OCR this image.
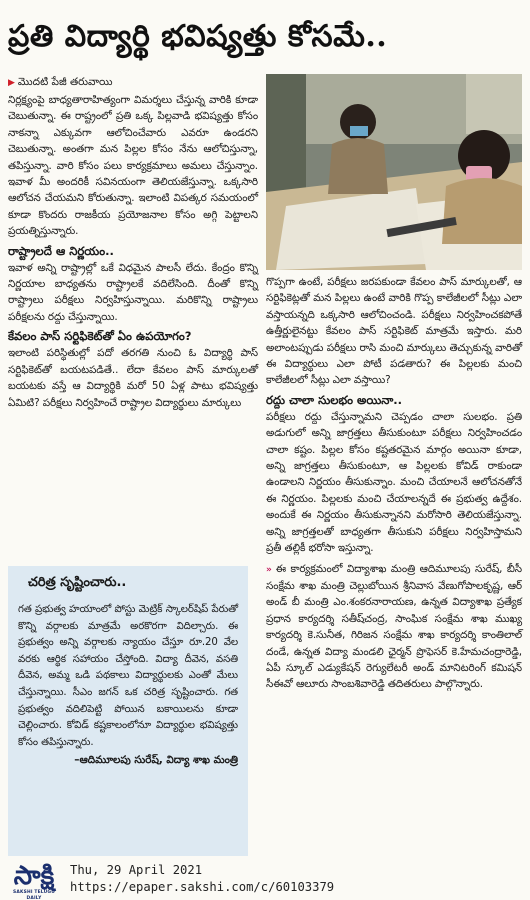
ప్రతి విద్యార్థి భవిష్యత్తు కోసమే..
▶ మొదటి పేజీ తరువాయి

నిర్లక్ష్యంపై బాధ్యతారాహిత్యంగా విమర్శలు చేస్తున్న వారికి కూడా చెబుతున్నా. ఈ రాష్ట్రంలో ప్రతి ఒక్క పిల్లవాడి భవిష్యత్తు కోసం నాకన్నా ఎక్కువగా ఆలోచించేవారు ఎవరూ ఉండరని చెబుతున్నా. అంతగా మన పిల్లల కోసం నేను ఆలోచిస్తున్నా, తపిస్తున్నా. వారి కోసం పలు కార్యక్రమాలు అమలు చేస్తున్నాం. ఇవాళ మీ అందరికీ సవినయంగా తెలియజేస్తున్నా. ఒక్కసారి ఆలోచన చేయమని కోరుతున్నా. ఇలాంటి విపత్కర సమయంలో కూడా కొందరు రాజకీయ ప్రయోజనాల కోసం అగ్గి పెట్టాలని ప్రయత్నిస్తున్నారు.

రాష్ట్రాలదే ఆ నిర్ణయం..

ఇవాళ అన్ని రాష్ట్రాల్లో ఒకే విధమైన పాలసీ లేదు. కేంద్రం కొన్ని నిర్ణయాల బాధ్యతను రాష్ట్రాలకే వదిలేసింది. దీంతో కొన్ని రాష్ట్రాలు పరీక్షలు నిర్వహిస్తున్నాయి. మరికొన్ని రాష్ట్రాలు పరీక్షలను రద్దు చేస్తున్నాయి.

కేవలం పాస్ సర్టిఫికెట్‌తో ఏం ఉపయోగం?

ఇలాంటి పరిస్థితుల్లో పదో తరగతి నుంచి ఓ విద్యార్థి పాస్ సర్టిఫికెట్‌తో బయటపడితే.. లేదా కేవలం పాస్ మార్కులతో బయటకు వస్తే ఆ విద్యార్థికి మరో 50 ఏళ్ల పాటు భవిష్యత్తు ఏమిటి? పరీక్షలు నిర్వహించే రాష్ట్రాల విద్యార్థులు మార్కులు

చరిత్ర సృష్టించారు..

గత ప్రభుత్వ హయాంలో పోస్టు మెట్రిక్ స్కాలర్‌షిప్ పేరుతో కొన్ని వర్గాలకు మాత్రమే అరకొరగా విదిల్చారు. ఈ ప్రభుత్వం అన్ని వర్గాలకు న్యాయం చేస్తూ రూ.20 వేల వరకు ఆర్థిక సహాయం చేస్తోంది. విద్యా దీవెన, వసతి దీవెన, అమ్మ ఒడి పథకాలు విద్యార్థులకు ఎంతో మేలు చేస్తున్నాయి. సీఎం జగన్ ఒక చరిత్ర సృష్టించారు. గత ప్రభుత్వం వదిలిపెట్టి పోయిన బకాయిలను కూడా చెల్లించారు. కోవిడ్ కష్టకాలంలోనూ విద్యార్థుల భవిష్యత్తు కోసం తపిస్తున్నారు.

–ఆదిమూలపు సురేష్, విద్యా శాఖ మంత్రి

గొప్పగా ఉంటే, పరీక్షలు జరపకుండా కేవలం పాస్ మార్కులతో, ఆ సర్టిఫికెట్లతో మన పిల్లలు ఉంటే వారికి గొప్ప కాలేజీలలో సీట్లు ఎలా వస్తాయన్నది ఒక్కసారి ఆలోచించండి. పరీక్షలు నిర్వహించకపోతే ఉత్తీర్ణులైనట్టు కేవలం పాస్ సర్టిఫికెట్ మాత్రమే ఇస్తారు. మరి అలాంటప్పుడు పరీక్షలు రాసి మంచి మార్కులు తెచ్చుకున్న వారితో ఈ విద్యార్థులు ఎలా పోటీ పడతారు? ఈ పిల్లలకు మంచి కాలేజీలలో సీట్లు ఎలా వస్తాయి?

రద్దు చాలా సులభం అయినా..

పరీక్షలు రద్దు చేస్తున్నామని చెప్పడం చాలా సులభం. ప్రతి అడుగులో అన్ని జాగ్రత్తలు తీసుకుంటూ పరీక్షలు నిర్వహించడం చాలా కష్టం. పిల్లల కోసం కష్టతరమైన మార్గం అయినా కూడా, అన్ని జాగ్రత్తలు తీసుకుంటూ, ఆ పిల్లలకు కోవిడ్ రాకుండా ఉండాలని నిర్ణయం తీసుకున్నాం. మంచి చేయాలనే ఆలోచనతోనే ఈ నిర్ణయం. పిల్లలకు మంచి చేయాలన్నదే ఈ ప్రభుత్వ ఉద్దేశం. అందుకే ఈ నిర్ణయం తీసుకున్నానని మరోసారి తెలియజేస్తున్నా. అన్ని జాగ్రత్తలతో బాధ్యతగా తీసుకుని పరీక్షలు నిర్వహిస్తామని ప్రతీ తల్లికీ భరోసా ఇస్తున్నా.

» ఈ కార్యక్రమంలో విద్యాశాఖ మంత్రి ఆదిమూలపు సురేష్, బీసీ సంక్షేమ శాఖ మంత్రి చెల్లుబోయిన శ్రీనివాస వేణుగోపాలకృష్ణ, ఆర్ అండ్ బీ మంత్రి ఎం.శంకరనారాయణ, ఉన్నత విద్యాశాఖ ప్రత్యేక ప్రధాన కార్యదర్శి సతీష్‌చంద్ర, సాంఘిక సంక్షేమ శాఖ ముఖ్య కార్యదర్శి కె.సునీత, గిరిజన సంక్షేమ శాఖ కార్యదర్శి కాంతిలాల్ దండే, ఉన్నత విద్యా మండలి ఛైర్మన్ ప్రొఫెసర్ కె.హేమచంద్రారెడ్డి, ఏపీ స్కూల్ ఎడ్యుకేషన్ రెగ్యులేటరీ అండ్ మానిటరింగ్ కమిషన్ సీఈవో ఆలూరు సాంబశివారెడ్డి తదితరులు పాల్గొన్నారు.

సాక్షి
SAKSHI TELUGU DAILY
Thu, 29 April 2021
https://epaper.sakshi.com/c/60103379
